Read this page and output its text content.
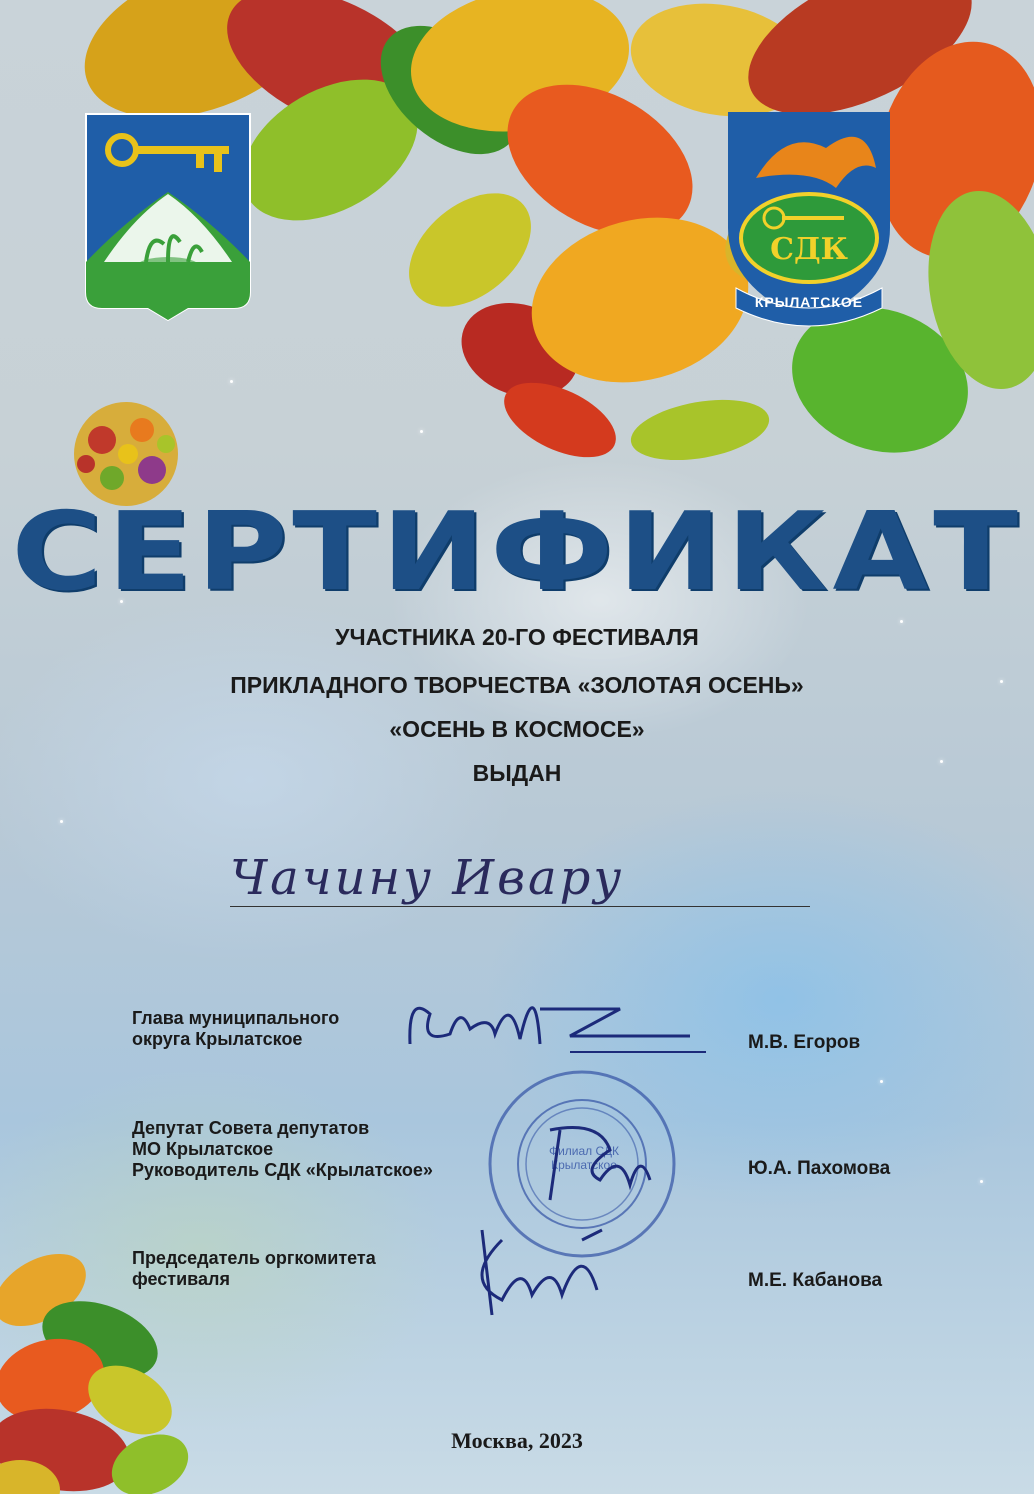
СДК
КРЫЛАТСКОЕ
СЕРТИФИКАТ
УЧАСТНИКА 20-ГО ФЕСТИВАЛЯ
ПРИКЛАДНОГО ТВОРЧЕСТВА «ЗОЛОТАЯ ОСЕНЬ»
«ОСЕНЬ В КОСМОСЕ»
ВЫДАН
Чачину Ивару
Филиал СДК Крылатское
Глава муниципального
округа Крылатское	М.В. Егоров
Депутат Совета депутатов
МО Крылатское
Руководитель СДК «Крылатское»	Ю.А. Пахомова
Председатель оргкомитета
фестиваля	М.Е. Кабанова
Москва, 2023
